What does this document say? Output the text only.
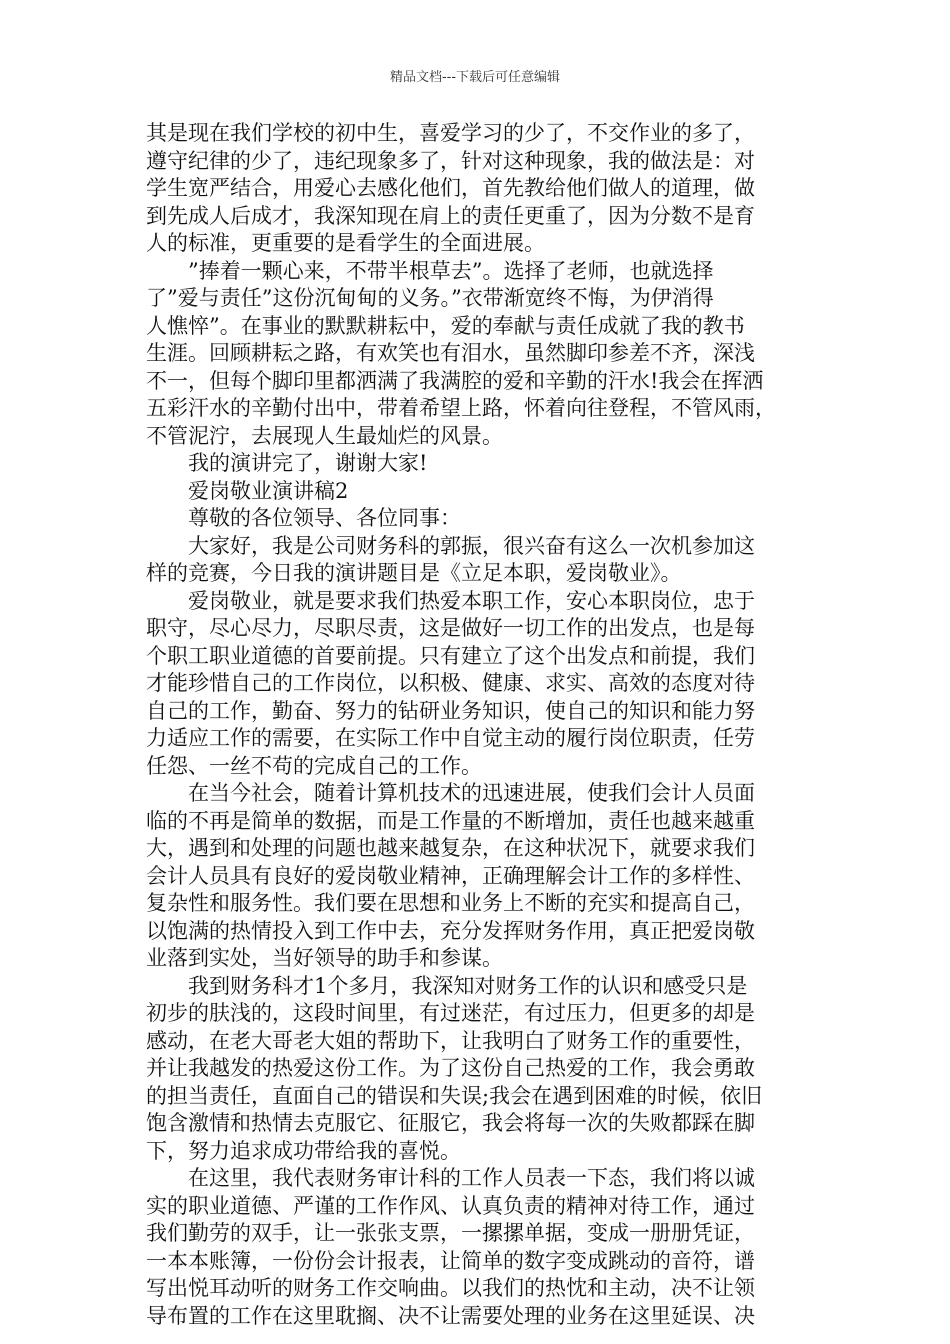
精品文档---下载后可任意编辑
其是现在我们学校的初中生，喜爱学习的少了，不交作业的多了，
遵守纪律的少了，违纪现象多了，针对这种现象，我的做法是：对
学生宽严结合，用爱心去感化他们，首先教给他们做人的道理，做
到先成人后成才，我深知现在肩上的责任更重了，因为分数不是育
人的标准，更重要的是看学生的全面进展。
　　”捧着一颗心来，不带半根草去”。选择了老师，也就选择
了”爱与责任”这份沉甸甸的义务。”衣带渐宽终不悔，为伊消得
人憔悴”。在事业的默默耕耘中，爱的奉献与责任成就了我的教书
生涯。回顾耕耘之路，有欢笑也有泪水，虽然脚印参差不齐，深浅
不一，但每个脚印里都洒满了我满腔的爱和辛勤的汗水!我会在挥洒
五彩汗水的辛勤付出中，带着希望上路，怀着向往登程，不管风雨，
不管泥泞，去展现人生最灿烂的风景。
　　我的演讲完了，谢谢大家!
　　爱岗敬业演讲稿2
　　尊敬的各位领导、各位同事：
　　大家好，我是公司财务科的郭振，很兴奋有这么一次机参加这
样的竞赛，今日我的演讲题目是《立足本职，爱岗敬业》。
　　爱岗敬业，就是要求我们热爱本职工作，安心本职岗位，忠于
职守，尽心尽力，尽职尽责，这是做好一切工作的出发点，也是每
个职工职业道德的首要前提。只有建立了这个出发点和前提，我们
才能珍惜自己的工作岗位，以积极、健康、求实、高效的态度对待
自己的工作，勤奋、努力的钻研业务知识，使自己的知识和能力努
力适应工作的需要，在实际工作中自觉主动的履行岗位职责，任劳
任怨、一丝不苟的完成自己的工作。
　　在当今社会，随着计算机技术的迅速进展，使我们会计人员面
临的不再是简单的数据，而是工作量的不断增加，责任也越来越重
大，遇到和处理的问题也越来越复杂，在这种状况下，就要求我们
会计人员具有良好的爱岗敬业精神，正确理解会计工作的多样性、
复杂性和服务性。我们要在思想和业务上不断的充实和提高自己，
以饱满的热情投入到工作中去，充分发挥财务作用，真正把爱岗敬
业落到实处，当好领导的助手和参谋。
　　我到财务科才1个多月，我深知对财务工作的认识和感受只是
初步的肤浅的，这段时间里，有过迷茫，有过压力，但更多的却是
感动，在老大哥老大姐的帮助下，让我明白了财务工作的重要性，
并让我越发的热爱这份工作。为了这份自己热爱的工作，我会勇敢
的担当责任，直面自己的错误和失误;我会在遇到困难的时候，依旧
饱含激情和热情去克服它、征服它，我会将每一次的失败都踩在脚
下，努力追求成功带给我的喜悦。
　　在这里，我代表财务审计科的工作人员表一下态，我们将以诚
实的职业道德、严谨的工作作风、认真负责的精神对待工作，通过
我们勤劳的双手，让一张张支票，一摞摞单据，变成一册册凭证，
一本本账簿，一份份会计报表，让简单的数字变成跳动的音符，谱
写出悦耳动听的财务工作交响曲。以我们的热忱和主动，决不让领
导布置的工作在这里耽搁、决不让需要处理的业务在这里延误、决
